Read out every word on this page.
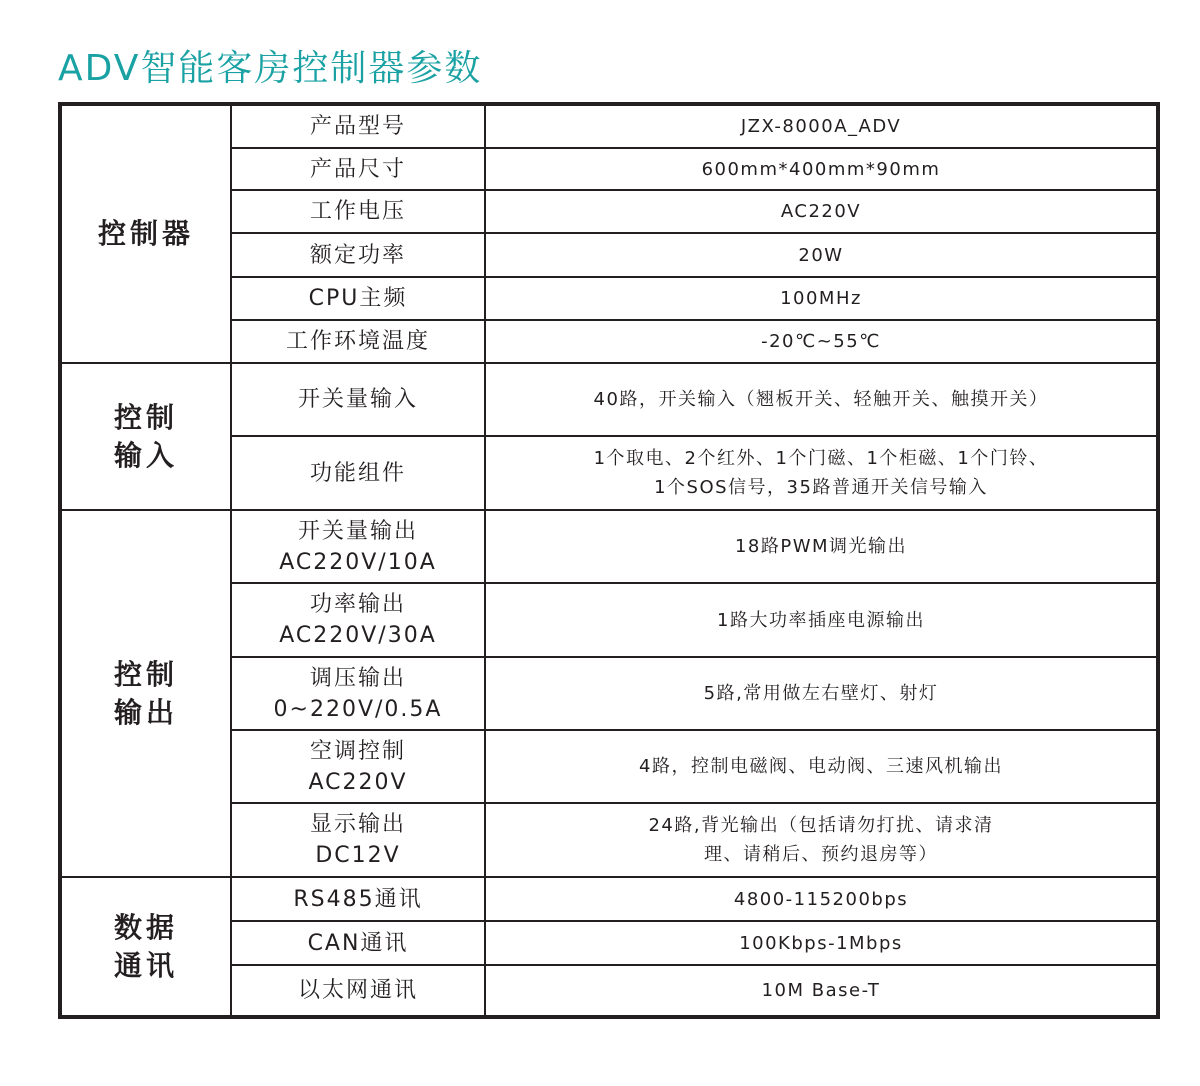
ADV智能客房控制器参数
控制器	产品型号	JZX-8000A_ADV

	产品尺寸	600mm*400mm*90mm

	工作电压	AC220V

	额定功率	20W

	CPU主频	100MHz

	工作环境温度	-20℃~55℃

控制
输入	开关量输入	40路，开关输入（翘板开关、轻触开关、触摸开关）

	功能组件	1个取电、2个红外、1个门磁、1个柜磁、1个门铃、
1个SOS信号，35路普通开关信号输入

控制
输出	开关量输出
AC220V/10A	18路PWM调光输出

	功率输出
AC220V/30A	1路大功率插座电源输出

	调压输出
0~220V/0.5A	5路,常用做左右壁灯、射灯

	空调控制
AC220V	4路，控制电磁阀、电动阀、三速风机输出

	显示输出
DC12V	24路,背光输出（包括请勿打扰、请求清
理、请稍后、预约退房等）

数据
通讯	RS485通讯	4800-115200bps

	CAN通讯	100Kbps-1Mbps

	以太网通讯	10M Base-T
